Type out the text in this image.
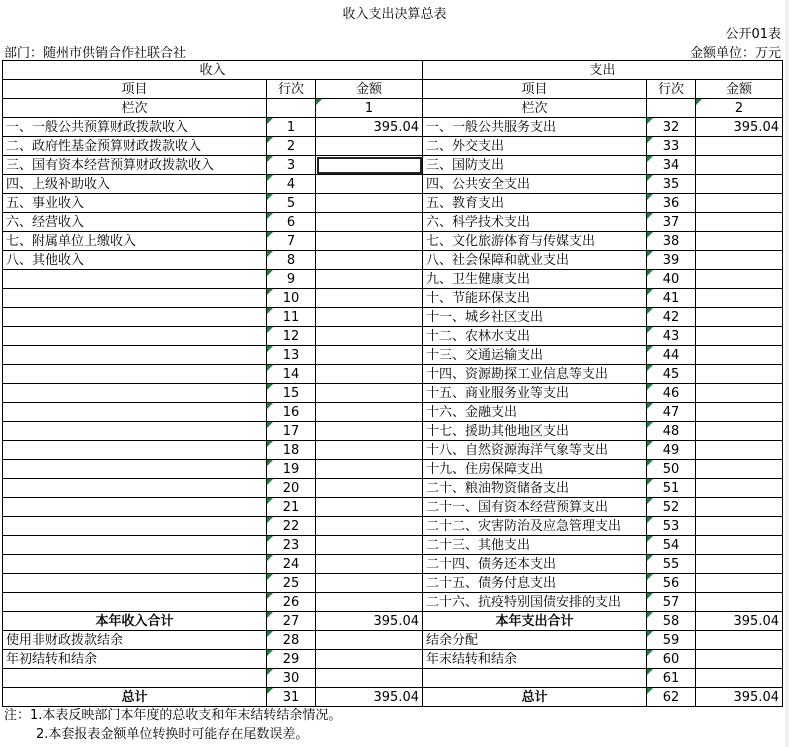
收入支出决算总表
公开01表
部门：随州市供销合作社联合社	金额单位：万元
收入			支出		
项目	行次	金额	项目	行次	金额
栏次		1	栏次		2
一、一般公共预算财政拨款收入	1	395.04	一、一般公共服务支出	32	395.04
二、政府性基金预算财政拨款收入	2		二、外交支出	33	
三、国有资本经营预算财政拨款收入	3		三、国防支出	34	
四、上级补助收入	4		四、公共安全支出	35	
五、事业收入	5		五、教育支出	36	
六、经营收入	6		六、科学技术支出	37	
七、附属单位上缴收入	7		七、文化旅游体育与传媒支出	38	
八、其他收入	8		八、社会保障和就业支出	39	
	9		九、卫生健康支出	40	
	10		十、节能环保支出	41	
	11		十一、城乡社区支出	42	
	12		十二、农林水支出	43	
	13		十三、交通运输支出	44	
	14		十四、资源勘探工业信息等支出	45	
	15		十五、商业服务业等支出	46	
	16		十六、金融支出	47	
	17		十七、援助其他地区支出	48	
	18		十八、自然资源海洋气象等支出	49	
	19		十九、住房保障支出	50	
	20		二十、粮油物资储备支出	51	
	21		二十一、国有资本经营预算支出	52	
	22		二十二、灾害防治及应急管理支出	53	
	23		二十三、其他支出	54	
	24		二十四、债务还本支出	55	
	25		二十五、债务付息支出	56	
	26		二十六、抗疫特别国债安排的支出	57	
本年收入合计	27	395.04	本年支出合计	58	395.04
使用非财政拨款结余	28		结余分配	59	
年初结转和结余	29		年末结转和结余	60	
	30			61	
总计	31	395.04	总计	62	395.04
注：1.本表反映部门本年度的总收支和年末结转结余情况。
2.本套报表金额单位转换时可能存在尾数误差。
